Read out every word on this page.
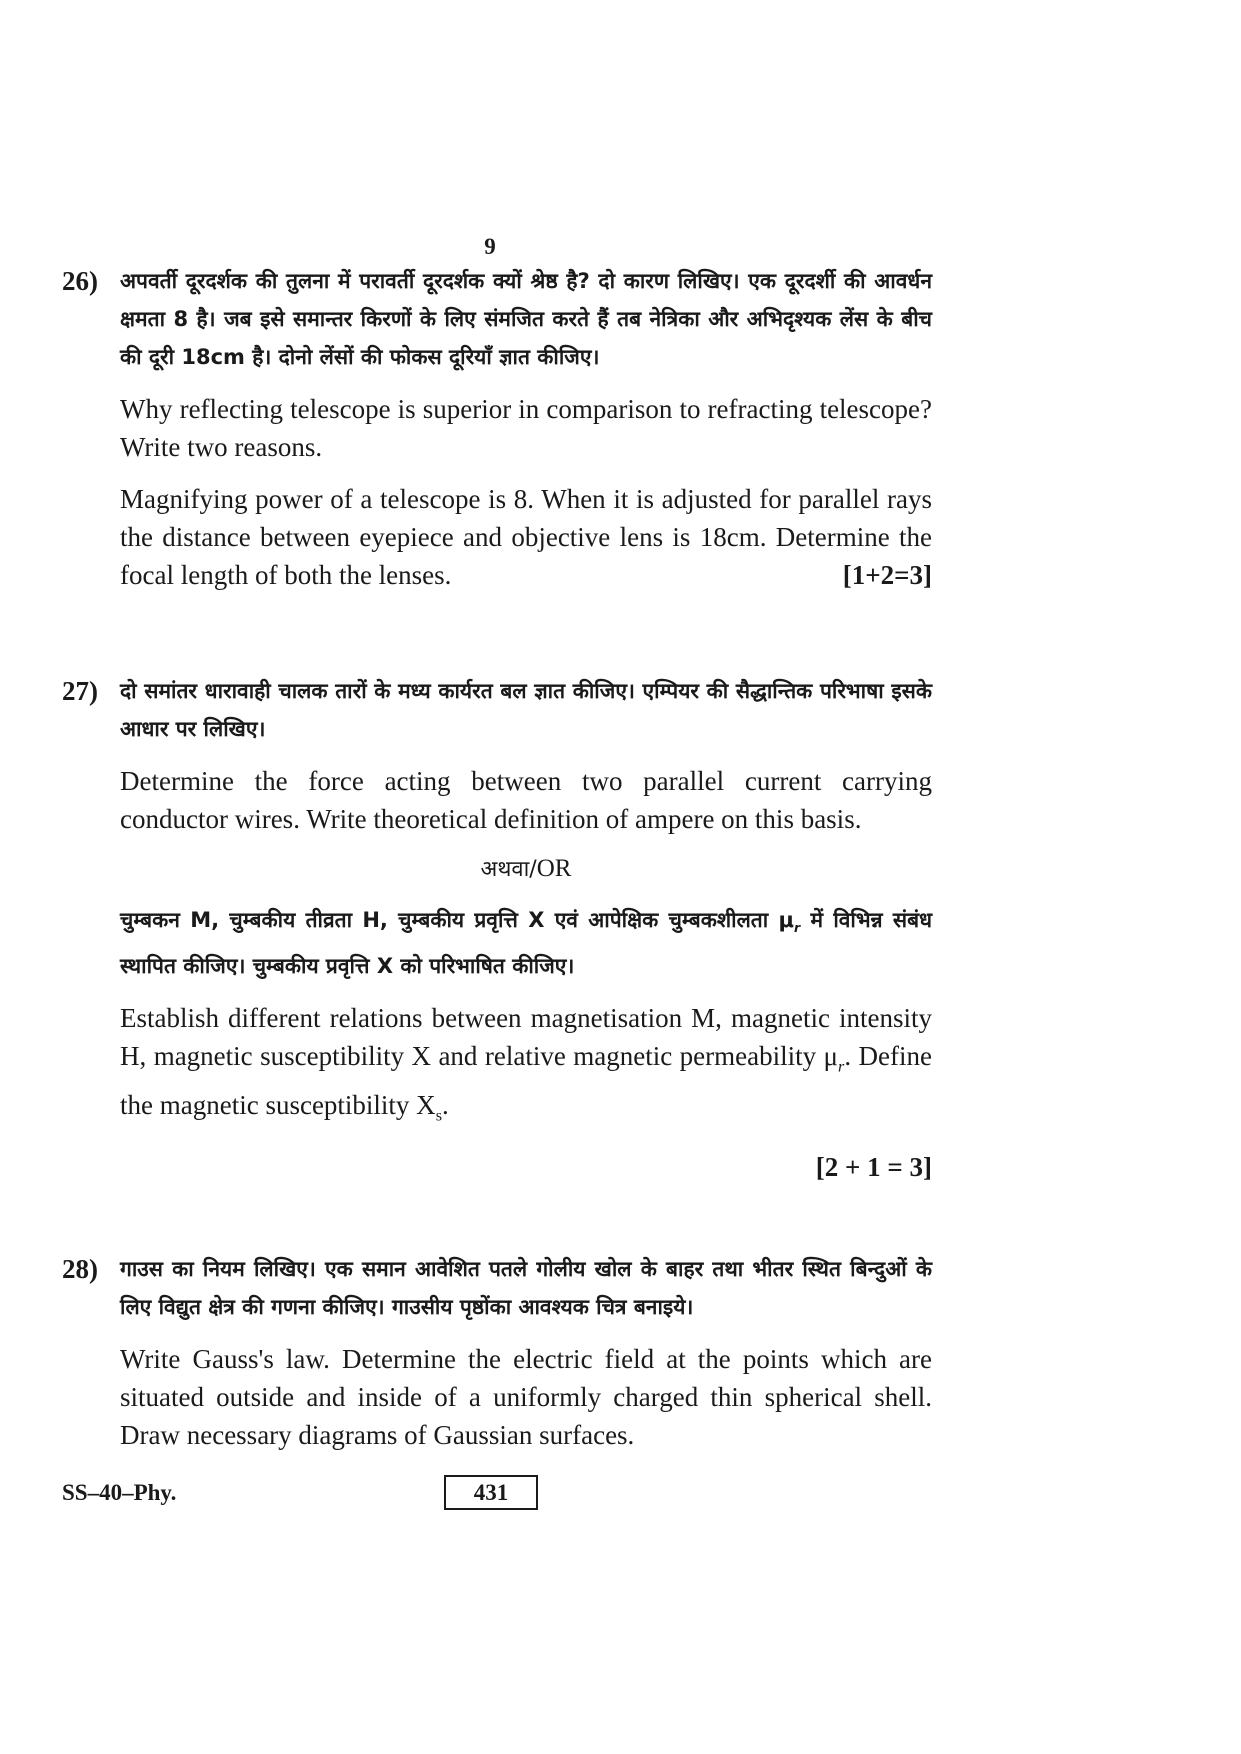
9
26) अपवर्ती दूरदर्शक की तुलना में परावर्ती दूरदर्शक क्यों श्रेष्ठ है? दो कारण लिखिए। एक दूरदर्शी की आवर्धन क्षमता 8 है। जब इसे समान्तर किरणों के लिए संमजित करते हैं तब नेत्रिका और अभिदृश्यक लेंस के बीच की दूरी 18cm है। दोनो लेंसों की फोकस दूरियाँ ज्ञात कीजिए।

Why reflecting telescope is superior in comparison to refracting telescope? Write two reasons.

Magnifying power of a telescope is 8. When it is adjusted for parallel rays the distance between eyepiece and objective lens is 18cm. Determine the focal length of both the lenses.	[1+2=3]

27) दो समांतर धारावाही चालक तारों के मध्य कार्यरत बल ज्ञात कीजिए। एम्पियर की सैद्धान्तिक परिभाषा इसके आधार पर लिखिए।

Determine the force acting between two parallel current carrying conductor wires. Write theoretical definition of ampere on this basis.

अथवा/OR

चुम्बकन M, चुम्बकीय तीव्रता H, चुम्बकीय प्रवृत्ति X एवं आपेक्षिक चुम्बकशीलता $\mu_r$ में विभिन्न संबंध स्थापित कीजिए। चुम्बकीय प्रवृत्ति X को परिभाषित कीजिए।

Establish different relations between magnetisation M, magnetic intensity H, magnetic susceptibility X and relative magnetic permeability $\mu_r$. Define the magnetic susceptibility $X_s$.

[2 + 1 = 3]

28) गाउस का नियम लिखिए। एक समान आवेशित पतले गोलीय खोल के बाहर तथा भीतर स्थित बिन्दुओं के लिए विद्युत क्षेत्र की गणना कीजिए। गाउसीय पृष्ठोंका आवश्यक चित्र बनाइये।

Write Gauss's law. Determine the electric field at the points which are situated outside and inside of a uniformly charged thin spherical shell. Draw necessary diagrams of Gaussian surfaces.

SS–40–Phy.	431
